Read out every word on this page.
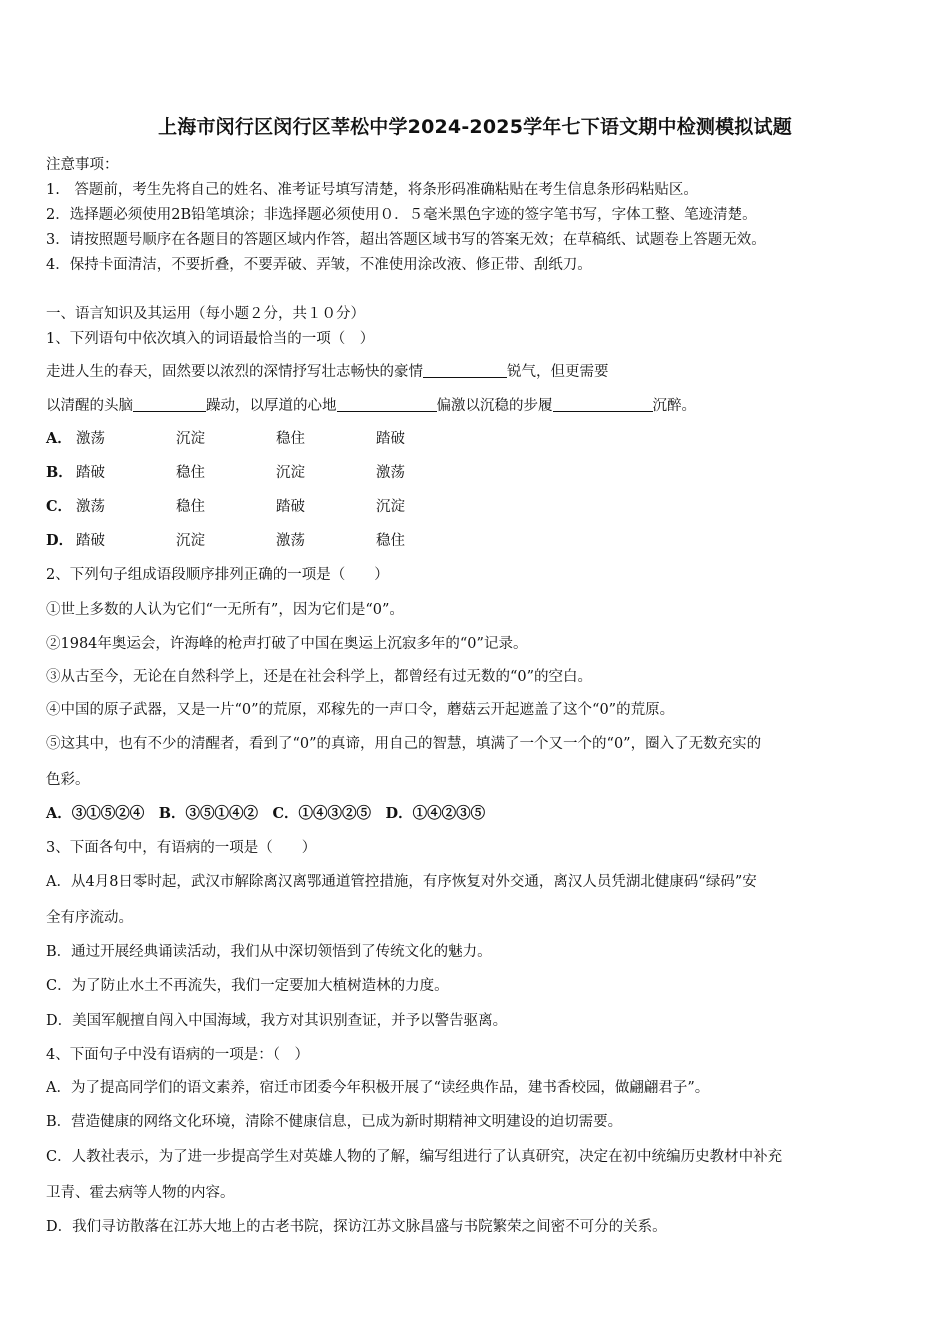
上海市闵行区闵行区莘松中学2024-2025学年七下语文期中检测模拟试题
注意事项：
1.　答题前，考生先将自己的姓名、准考证号填写清楚，将条形码准确粘贴在考生信息条形码粘贴区。
2．选择题必须使用2B铅笔填涂；非选择题必须使用０．５毫米黑色字迹的签字笔书写，字体工整、笔迹清楚。
3．请按照题号顺序在各题目的答题区域内作答，超出答题区域书写的答案无效；在草稿纸、试题卷上答题无效。
4．保持卡面清洁，不要折叠，不要弄破、弄皱，不准使用涂改液、修正带、刮纸刀。
一、语言知识及其运用（每小题２分，共１０分）
1、下列语句中依次填入的词语最恰当的一项（　）
走进人生的春天，固然要以浓烈的深情抒写壮志畅快的豪情	锐气，但更需要
以清醒的头脑	躁动，以厚道的心地	偏激以沉稳的步履	沉醉。
A． 激荡	沉淀	稳住	踏破
B． 踏破	稳住	沉淀	激荡
C． 激荡	稳住	踏破	沉淀
D． 踏破	沉淀	激荡	稳住
2、下列句子组成语段顺序排列正确的一项是（　　）
①世上多数的人认为它们“一无所有”，因为它们是“0”。
②1984年奥运会，许海峰的枪声打破了中国在奥运上沉寂多年的“0”记录。
③从古至今，无论在自然科学上，还是在社会科学上，都曾经有过无数的“0”的空白。
④中国的原子武器，又是一片“0”的荒原，邓稼先的一声口令，蘑菇云开起遮盖了这个“0”的荒原。
⑤这其中，也有不少的清醒者，看到了“0”的真谛，用自己的智慧，填满了一个又一个的“0”，圈入了无数充实的
色彩。
A．③①⑤②④　B．③⑤①④②　C．①④③②⑤　D．①④②③⑤
3、下面各句中，有语病的一项是（　　）
A．从4月8日零时起，武汉市解除离汉离鄂通道管控措施，有序恢复对外交通，离汉人员凭湖北健康码“绿码”安
全有序流动。
B．通过开展经典诵读活动，我们从中深切领悟到了传统文化的魅力。
C．为了防止水土不再流失，我们一定要加大植树造林的力度。
D．美国军舰擅自闯入中国海域，我方对其识别查证，并予以警告驱离。
4、下面句子中没有语病的一项是：（　）
A．为了提高同学们的语文素养，宿迁市团委今年积极开展了“读经典作品，建书香校园，做翩翩君子”。
B．营造健康的网络文化环境，清除不健康信息，已成为新时期精神文明建设的迫切需要。
C．人教社表示，为了进一步提高学生对英雄人物的了解，编写组进行了认真研究，决定在初中统编历史教材中补充
卫青、霍去病等人物的内容。
D．我们寻访散落在江苏大地上的古老书院，探访江苏文脉昌盛与书院繁荣之间密不可分的关系。
